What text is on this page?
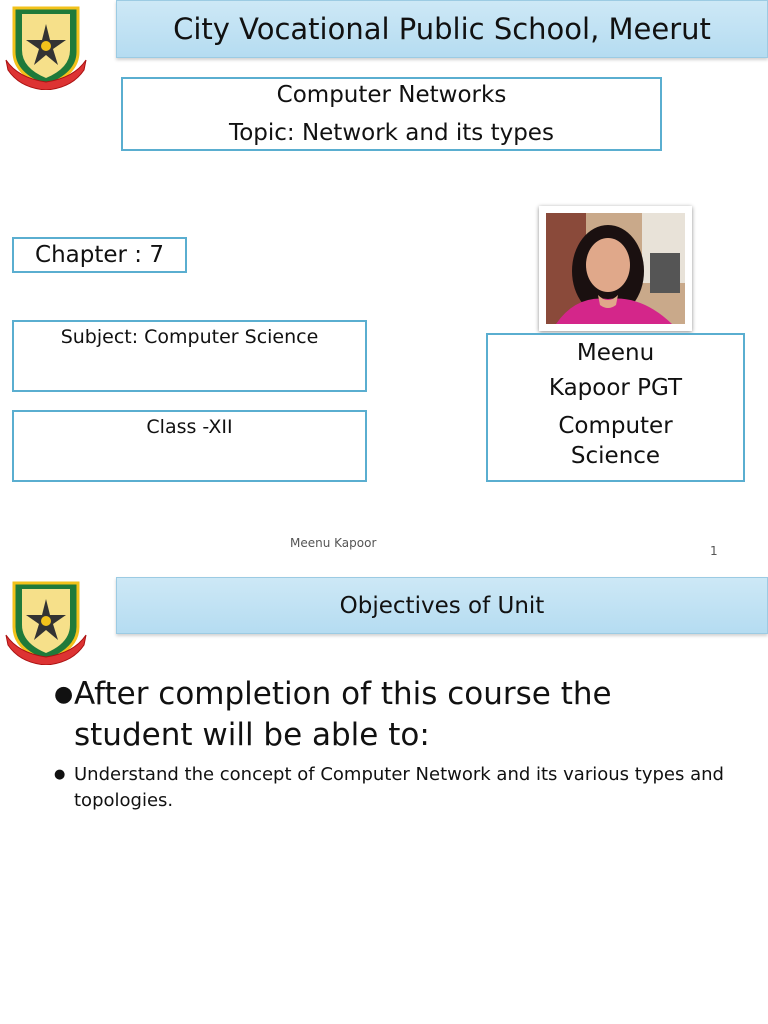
City Vocational Public School, Meerut
Computer Networks
Topic: Network and its types
Chapter : 7
Subject: Computer Science
Class -XII
Meenu
Kapoor PGT
Computer
Science
Meenu Kapoor
1
Objectives of Unit
● After completion of this course the student will be able to:
● Understand the concept of Computer Network and its various types and topologies.
